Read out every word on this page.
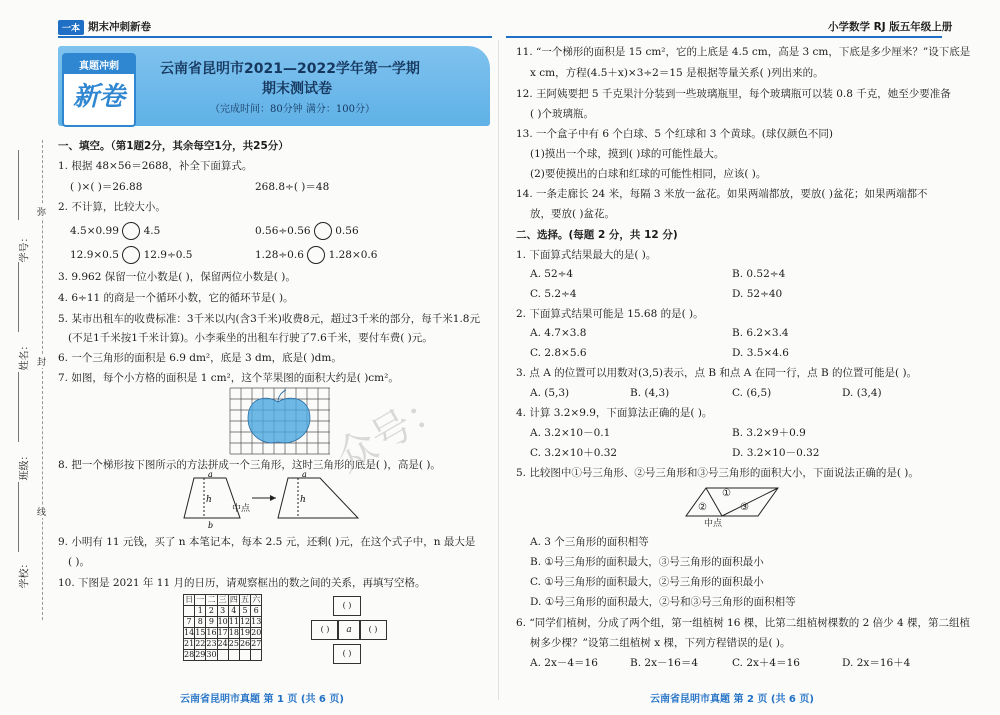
一本 期末冲刺新卷	小学数学 RJ 版五年级上册
学号：
姓名：
班级：
学校：
弥
封
线
真题冲刺
新卷
云南省昆明市2021—2022学年第一学期
期末测试卷
（完成时间：80分钟 满分：100分）
一、填空。（第1题2分，其余每空1分，共25分）
1. 根据 48×56＝2688，补全下面算式。
( )×( )＝26.88	268.8÷( )＝48
2. 不计算，比较大小。
4.5×0.99 4.5	0.56÷0.56 0.56
12.9×0.5 12.9÷0.5	1.28÷0.6 1.28×0.6
3. 9.962 保留一位小数是( )，保留两位小数是( )。
4. 6÷11 的商是一个循环小数，它的循环节是( )。
5. 某市出租车的收费标准：3千米以内(含3千米)收费8元，超过3千米的部分，每千米1.8元
(不足1千米按1千米计算)。小李乘坐的出租车行驶了7.6千米，要付车费( )元。
6. 一个三角形的面积是 6.9 dm²，底是 3 dm，底是( )dm。
7. 如图，每个小方格的面积是 1 cm²，这个苹果图的面积大约是( )cm²。
8. 把一个梯形按下图所示的方法拼成一个三角形，这时三角形的底是( )，高是( )。
h
a
b
h
a
中点
9. 小明有 11 元钱，买了 n 本笔记本，每本 2.5 元，还剩( )元，在这个式子中，n 最大是
( )。
10. 下图是 2021 年 11 月的日历，请观察框出的数之间的关系，再填写空格。
日	一	二	三	四	五	六
	1	2	3	4	5	6
7	8	9	10	11	12	13
14	15	16	17	18	19	20
21	22	23	24	25	26	27
28	29	30				
( )
( )	a	( )
( )
云南省昆明市真题 第 1 页 (共 6 页)
众号：
11. “一个梯形的面积是 15 cm²，它的上底是 4.5 cm，高是 3 cm，下底是多少厘米？”设下底是
x cm，方程(4.5＋x)×3÷2＝15 是根据等量关系( )列出来的。
12. 王阿姨要把 5 千克果汁分装到一些玻璃瓶里，每个玻璃瓶可以装 0.8 千克，她至少要准备
( )个玻璃瓶。
13. 一个盒子中有 6 个白球、5 个红球和 3 个黄球。(球仅颜色不同)
(1)摸出一个球，摸到( )球的可能性最大。
(2)要使摸出的白球和红球的可能性相同，应该( )。
14. 一条走廊长 24 米，每隔 3 米放一盆花。如果两端都放，要放( )盆花；如果两端都不
放，要放( )盆花。
二、选择。(每题 2 分，共 12 分)
1. 下面算式结果最大的是( )。
A. 52÷4	B. 0.52÷4
C. 5.2÷4	D. 52÷40
2. 下面算式结果可能是 15.68 的是( )。
A. 4.7×3.8	B. 6.2×3.4
C. 2.8×5.6	D. 3.5×4.6
3. 点 A 的位置可以用数对(3,5)表示，点 B 和点 A 在同一行，点 B 的位置可能是( )。
A. (5,3)	B. (4,3)	C. (6,5)	D. (3,4)
4. 计算 3.2×9.9，下面算法正确的是( )。
A. 3.2×10－0.1	B. 3.2×9＋0.9
C. 3.2×10＋0.32	D. 3.2×10－0.32
5. 比较图中①号三角形、②号三角形和③号三角形的面积大小，下面说法正确的是( )。
①
②	③
中点
A. 3 个三角形的面积相等
B. ①号三角形的面积最大，③号三角形的面积最小
C. ①号三角形的面积最大，②号三角形的面积最小
D. ①号三角形的面积最大，②号和③号三角形的面积相等
6. “同学们植树，分成了两个组，第一组植树 16 棵，比第二组植树棵数的 2 倍少 4 棵，第二组植
树多少棵？”设第二组植树 x 棵，下列方程错误的是( )。
A. 2x－4＝16	B. 2x－16＝4	C. 2x＋4＝16	D. 2x＝16＋4
云南省昆明市真题 第 2 页 (共 6 页)
